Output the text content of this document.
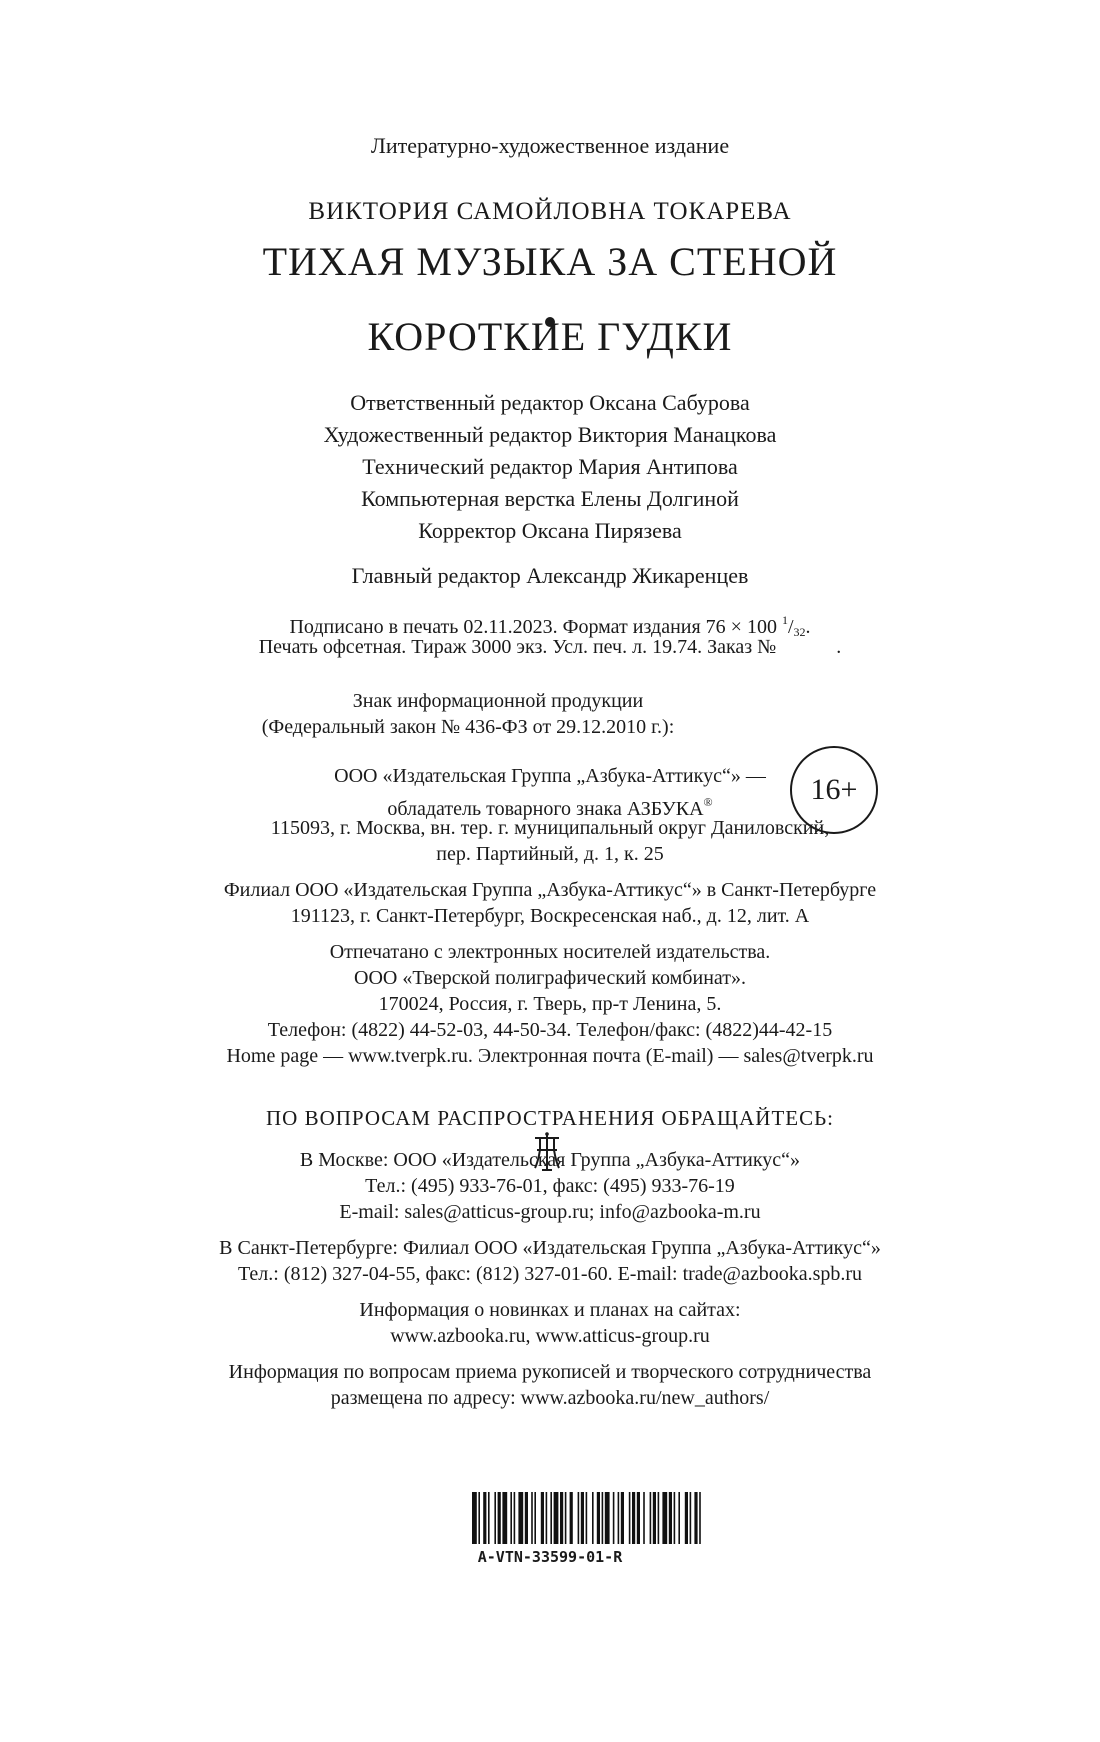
Литературно-художественное издание
ВИКТОРИЯ САМОЙЛОВНА ТОКАРЕВА
ТИХАЯ МУЗЫКА ЗА СТЕНОЙ
КОРОТКИЕ ГУДКИ
Ответственный редактор Оксана Сабурова
Художественный редактор Виктория Манацкова
Технический редактор Мария Антипова
Компьютерная верстка Елены Долгиной
Корректор Оксана Пирязева
Главный редактор Александр Жикаренцев
Подписано в печать 02.11.2023. Формат издания 76 × 100 $^1/_{32}$.
Печать офсетная. Тираж 3000 экз. Усл. печ. л. 19.74. Заказ №            .
Знак информационной продукции
(Федеральный закон № 436-ФЗ от 29.12.2010 г.):
16+
ООО «Издательская Группа „Азбука-Аттикус“» —
обладатель товарного знака АЗБУКА®
115093, г. Москва, вн. тер. г. муниципальный округ Даниловский,
пер. Партийный, д. 1, к. 25
Филиал ООО «Издательская Группа „Азбука-Аттикус“» в Санкт-Петербурге
191123, г. Санкт-Петербург, Воскресенская наб., д. 12, лит. А
Отпечатано с электронных носителей издательства.
ООО «Тверской полиграфический комбинат».
170024, Россия, г. Тверь, пр-т Ленина, 5.
Телефон: (4822) 44-52-03, 44-50-34. Телефон/факс: (4822)44-42-15
Home page — www.tverpk.ru. Электронная почта (E-mail) — sales@tverpk.ru
ПО ВОПРОСАМ РАСПРОСТРАНЕНИЯ ОБРАЩАЙТЕСЬ:
В Москве: ООО «Издательская Группа „Азбука-Аттикус“»
Тел.: (495) 933-76-01, факс: (495) 933-76-19
E-mail: sales@atticus-group.ru; info@azbooka-m.ru
В Санкт-Петербурге: Филиал ООО «Издательская Группа „Азбука-Аттикус“»
Тел.: (812) 327-04-55, факс: (812) 327-01-60. E-mail: trade@azbooka.spb.ru
Информация о новинках и планах на сайтах:
www.azbooka.ru, www.atticus-group.ru
Информация по вопросам приема рукописей и творческого сотрудничества
размещена по адресу: www.azbooka.ru/new_authors/
A-VTN-33599-01-R
